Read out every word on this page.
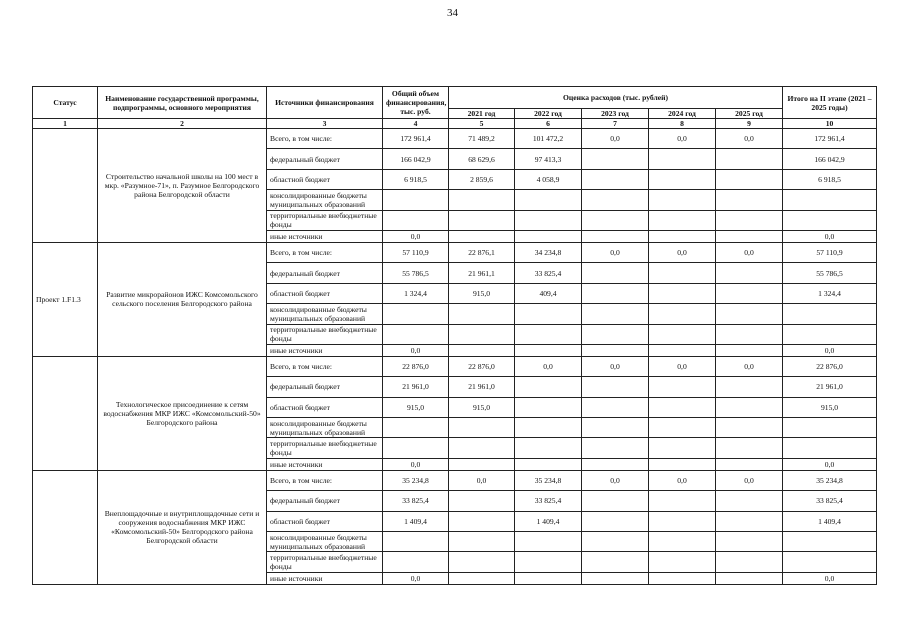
34
Статус	Наименование государственной программы, подпрограммы, основного мероприятия	Источники финансирования	Общий объем финансирования, тыс. руб.	Оценка расходов (тыс. рублей)					Итого на II этапе (2021 – 2025 годы)
				2021 год	2022 год	2023 год	2024 год	2025 год	
1	2	3	4	5	6	7	8	9	10
	Строительство начальной школы на 100 мест в мкр. «Разумное-71», п. Разумное Белгородского района Белгородской области	Всего, в том числе:	172 961,4	71 489,2	101 472,2	0,0	0,0	0,0	172 961,4
		федеральный бюджет	166 042,9	68 629,6	97 413,3				166 042,9
		областной бюджет	6 918,5	2 859,6	4 058,9				6 918,5
		консолидированные бюджеты муниципальных образований							
		территориальные внебюджетные фонды							
		иные источники	0,0						0,0
Проект 1.F1.3	Развитие микрорайонов ИЖС Комсомольского сельского поселения Белгородского района	Всего, в том числе:	57 110,9	22 876,1	34 234,8	0,0	0,0	0,0	57 110,9
		федеральный бюджет	55 786,5	21 961,1	33 825,4				55 786,5
		областной бюджет	1 324,4	915,0	409,4				1 324,4
		консолидированные бюджеты муниципальных образований							
		территориальные внебюджетные фонды							
		иные источники	0,0						0,0
	Технологическое присоединение к сетям водоснабжения МКР ИЖС «Комсомольский-50» Белгородского района	Всего, в том числе:	22 876,0	22 876,0	0,0	0,0	0,0	0,0	22 876,0
		федеральный бюджет	21 961,0	21 961,0					21 961,0
		областной бюджет	915,0	915,0					915,0
		консолидированные бюджеты муниципальных образований							
		территориальные внебюджетные фонды							
		иные источники	0,0						0,0
	Внеплощадочные и внутриплощадочные сети и сооружения водоснабжения МКР ИЖС «Комсомольский-50» Белгородского района Белгородской области	Всего, в том числе:	35 234,8	0,0	35 234,8	0,0	0,0	0,0	35 234,8
		федеральный бюджет	33 825,4		33 825,4				33 825,4
		областной бюджет	1 409,4		1 409,4				1 409,4
		консолидированные бюджеты муниципальных образований							
		территориальные внебюджетные фонды							
		иные источники	0,0						0,0
